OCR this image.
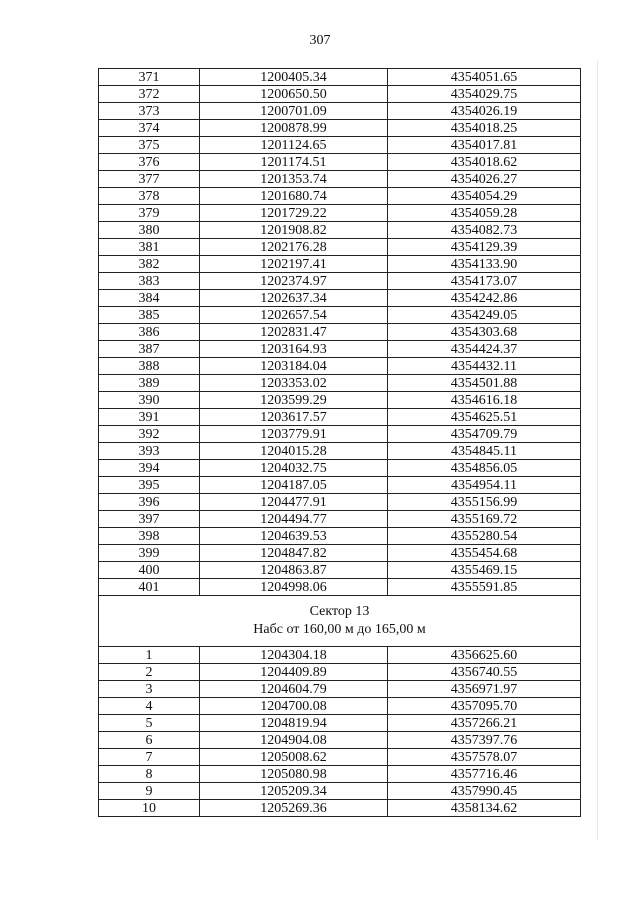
307
371	1200405.34	4354051.65
372	1200650.50	4354029.75
373	1200701.09	4354026.19
374	1200878.99	4354018.25
375	1201124.65	4354017.81
376	1201174.51	4354018.62
377	1201353.74	4354026.27
378	1201680.74	4354054.29
379	1201729.22	4354059.28
380	1201908.82	4354082.73
381	1202176.28	4354129.39
382	1202197.41	4354133.90
383	1202374.97	4354173.07
384	1202637.34	4354242.86
385	1202657.54	4354249.05
386	1202831.47	4354303.68
387	1203164.93	4354424.37
388	1203184.04	4354432.11
389	1203353.02	4354501.88
390	1203599.29	4354616.18
391	1203617.57	4354625.51
392	1203779.91	4354709.79
393	1204015.28	4354845.11
394	1204032.75	4354856.05
395	1204187.05	4354954.11
396	1204477.91	4355156.99
397	1204494.77	4355169.72
398	1204639.53	4355280.54
399	1204847.82	4355454.68
400	1204863.87	4355469.15
401	1204998.06	4355591.85

Сектор 13
Набс от 160,00 м до 165,00 м		

1	1204304.18	4356625.60
2	1204409.89	4356740.55
3	1204604.79	4356971.97
4	1204700.08	4357095.70
5	1204819.94	4357266.21
6	1204904.08	4357397.76
7	1205008.62	4357578.07
8	1205080.98	4357716.46
9	1205209.34	4357990.45
10	1205269.36	4358134.62
